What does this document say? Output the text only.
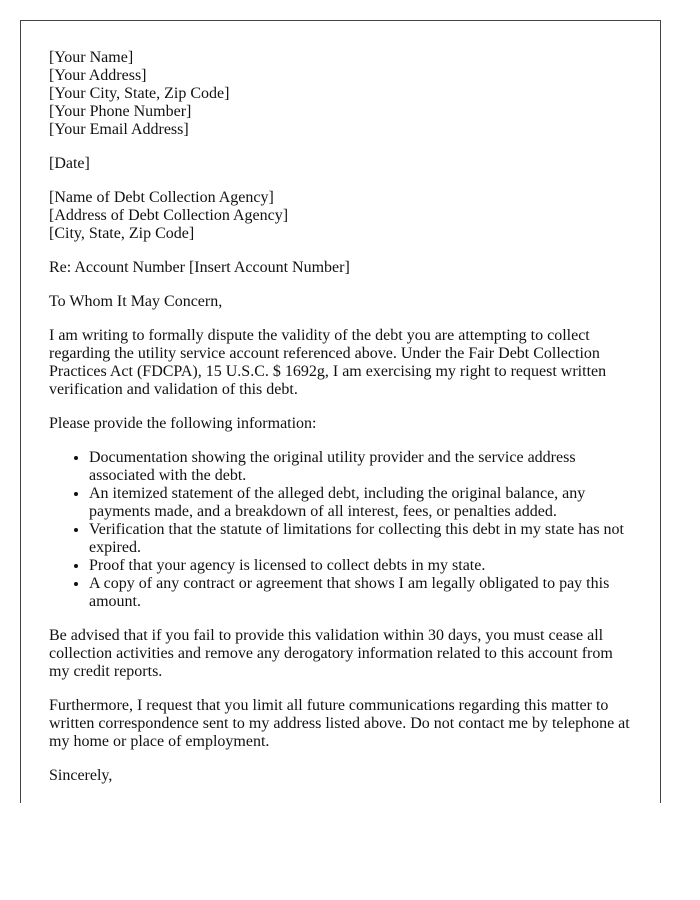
[Your Name]
[Your Address]
[Your City, State, Zip Code]
[Your Phone Number]
[Your Email Address]

[Date]

[Name of Debt Collection Agency]
[Address of Debt Collection Agency]
[City, State, Zip Code]

Re: Account Number [Insert Account Number]

To Whom It May Concern,

I am writing to formally dispute the validity of the debt you are attempting to collect regarding the utility service account referenced above. Under the Fair Debt Collection Practices Act (FDCPA), 15 U.S.C. $ 1692g, I am exercising my right to request written verification and validation of this debt.

Please provide the following information:

• Documentation showing the original utility provider and the service address associated with the debt.
• An itemized statement of the alleged debt, including the original balance, any payments made, and a breakdown of all interest, fees, or penalties added.
• Verification that the statute of limitations for collecting this debt in my state has not expired.
• Proof that your agency is licensed to collect debts in my state.
• A copy of any contract or agreement that shows I am legally obligated to pay this amount.

Be advised that if you fail to provide this validation within 30 days, you must cease all collection activities and remove any derogatory information related to this account from my credit reports.

Furthermore, I request that you limit all future communications regarding this matter to written correspondence sent to my address listed above. Do not contact me by telephone at my home or place of employment.

Sincerely,
